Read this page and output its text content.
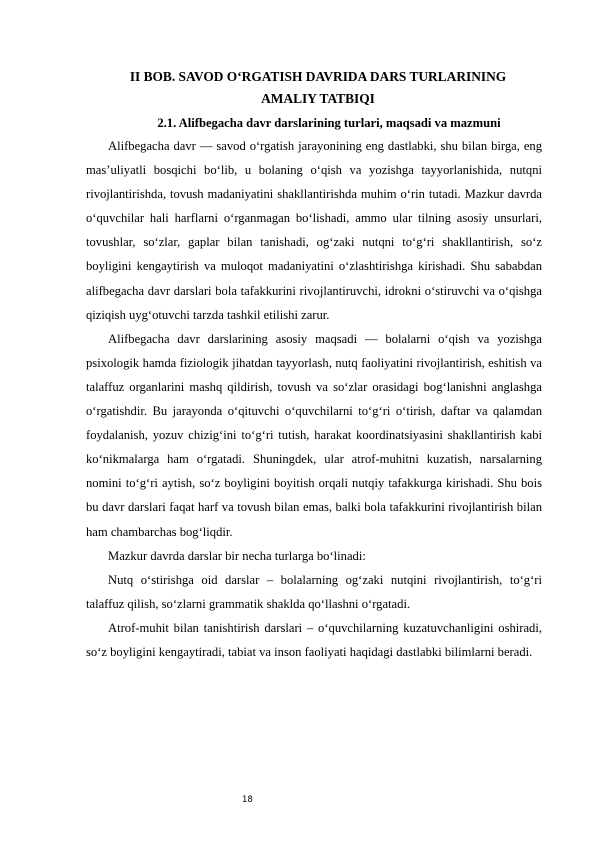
II BOB. SAVOD O‘RGATISH DAVRIDA DARS TURLARINING
AMALIY TATBIQI
2.1. Alifbegacha davr darslarining turlari, maqsadi va mazmuni

Alifbegacha davr — savod o‘rgatish jarayonining eng dastlabki, shu bilan birga, eng mas’uliyatli bosqichi bo‘lib, u bolaning o‘qish va yozishga tayyorlanishida, nutqni rivojlantirishda, tovush madaniyatini shakllantirishda muhim o‘rin tutadi. Mazkur davrda o‘quvchilar hali harflarni o‘rganmagan bo‘lishadi, ammo ular tilning asosiy unsurlari, tovushlar, so‘zlar, gaplar bilan tanishadi, og‘zaki nutqni to‘g‘ri shakllantirish, so‘z boyligini kengaytirish va muloqot madaniyatini o‘zlashtirishga kirishadi. Shu sababdan alifbegacha davr darslari bola tafakkurini rivojlantiruvchi, idrokni o‘stiruvchi va o‘qishga qiziqish uyg‘otuvchi tarzda tashkil etilishi zarur.

Alifbegacha davr darslarining asosiy maqsadi — bolalarni o‘qish va yozishga psixologik hamda fiziologik jihatdan tayyorlash, nutq faoliyatini rivojlantirish, eshitish va talaffuz organlarini mashq qildirish, tovush va so‘zlar orasidagi bog‘lanishni anglashga o‘rgatishdir. Bu jarayonda o‘qituvchi o‘quvchilarni to‘g‘ri o‘tirish, daftar va qalamdan foydalanish, yozuv chizig‘ini to‘g‘ri tutish, harakat koordinatsiyasini shakllantirish kabi ko‘nikmalarga ham o‘rgatadi. Shuningdek, ular atrof-muhitni kuzatish, narsalarning nomini to‘g‘ri aytish, so‘z boyligini boyitish orqali nutqiy tafakkurga kirishadi. Shu bois bu davr darslari faqat harf va tovush bilan emas, balki bola tafakkurini rivojlantirish bilan ham chambarchas bog‘liqdir.

Mazkur davrda darslar bir necha turlarga bo‘linadi:

Nutq o‘stirishga oid darslar – bolalarning og‘zaki nutqini rivojlantirish, to‘g‘ri talaffuz qilish, so‘zlarni grammatik shaklda qo‘llashni o‘rgatadi.

Atrof-muhit bilan tanishtirish darslari – o‘quvchilarning kuzatuvchanligini oshiradi, so‘z boyligini kengaytiradi, tabiat va inson faoliyati haqidagi dastlabki bilimlarni beradi.

18
